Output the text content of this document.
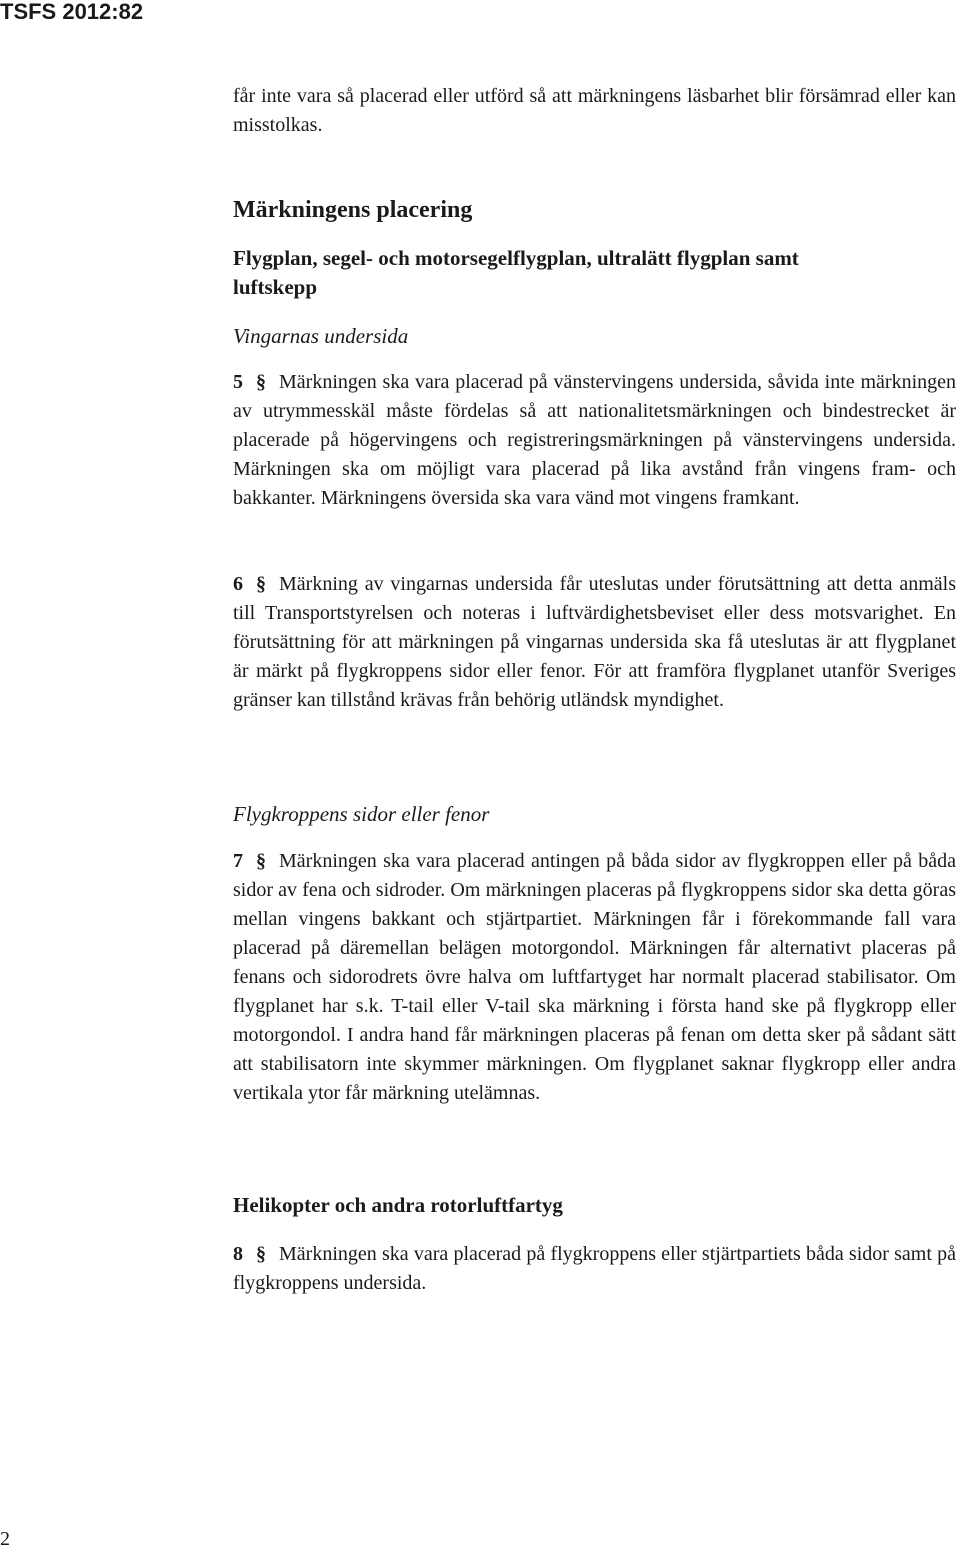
TSFS 2012:82
får inte vara så placerad eller utförd så att märkningens läsbarhet blir försämrad eller kan misstolkas.
Märkningens placering
Flygplan, segel- och motorsegelflygplan, ultralätt flygplan samt luftskepp
Vingarnas undersida
5 § Märkningen ska vara placerad på vänstervingens undersida, såvida inte märkningen av utrymmesskäl måste fördelas så att nationalitetsmärkningen och bindestrecket är placerade på högervingens och registreringsmärkningen på vänstervingens undersida. Märkningen ska om möjligt vara placerad på lika avstånd från vingens fram- och bakkanter. Märkningens översida ska vara vänd mot vingens framkant.
6 § Märkning av vingarnas undersida får uteslutas under förutsättning att detta anmäls till Transportstyrelsen och noteras i luftvärdighetsbeviset eller dess motsvarighet. En förutsättning för att märkningen på vingarnas undersida ska få uteslutas är att flygplanet är märkt på flygkroppens sidor eller fenor. För att framföra flygplanet utanför Sveriges gränser kan tillstånd krävas från behörig utländsk myndighet.
Flygkroppens sidor eller fenor
7 § Märkningen ska vara placerad antingen på båda sidor av flygkroppen eller på båda sidor av fena och sidroder. Om märkningen placeras på flygkroppens sidor ska detta göras mellan vingens bakkant och stjärtpartiet. Märkningen får i förekommande fall vara placerad på däremellan belägen motorgondol. Märkningen får alternativt placeras på fenans och sidorodrets övre halva om luftfartyget har normalt placerad stabilisator. Om flygplanet har s.k. T-tail eller V-tail ska märkning i första hand ske på flygkropp eller motorgondol. I andra hand får märkningen placeras på fenan om detta sker på sådant sätt att stabilisatorn inte skymmer märkningen. Om flygplanet saknar flygkropp eller andra vertikala ytor får märkning utelämnas.
Helikopter och andra rotorluftfartyg
8 § Märkningen ska vara placerad på flygkroppens eller stjärtpartiets båda sidor samt på flygkroppens undersida.
2
